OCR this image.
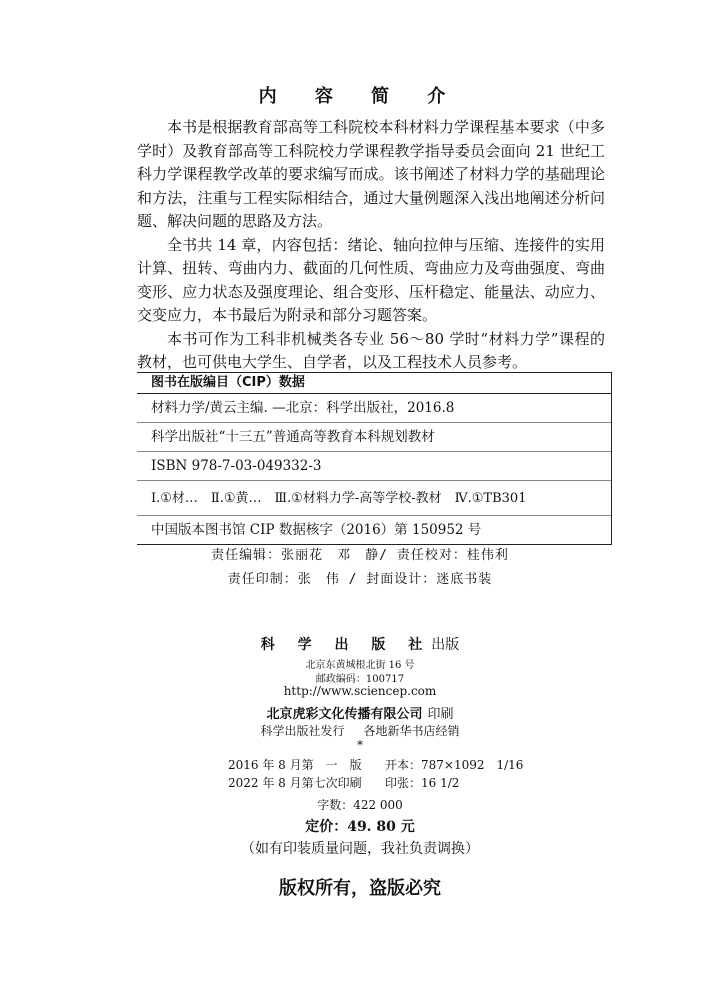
内 容 简 介

本书是根据教育部高等工科院校本科材料力学课程基本要求（中多学时）及教育部高等工科院校力学课程教学指导委员会面向 21 世纪工科力学课程教学改革的要求编写而成。该书阐述了材料力学的基础理论和方法，注重与工程实际相结合，通过大量例题深入浅出地阐述分析问题、解决问题的思路及方法。

全书共 14 章，内容包括：绪论、轴向拉伸与压缩、连接件的实用计算、扭转、弯曲内力、截面的几何性质、弯曲应力及弯曲强度、弯曲变形、应力状态及强度理论、组合变形、压杆稳定、能量法、动应力、交变应力，本书最后为附录和部分习题答案。

本书可作为工科非机械类各专业 56～80 学时“材料力学”课程的教材，也可供电大学生、自学者，以及工程技术人员参考。

图书在版编目（CIP）数据
材料力学/黄云主编. —北京：科学出版社，2016.8
科学出版社“十三五”普通高等教育本科规划教材
ISBN 978-7-03-049332-3
Ⅰ.①材…　Ⅱ.①黄…　Ⅲ.①材料力学-高等学校-教材　Ⅳ.①TB301
中国版本图书馆 CIP 数据核字（2016）第 150952 号
责任编辑：张丽花　邓　静/ 责任校对：桂伟利
责任印制：张　伟 / 封面设计：迷底书装
科 学 出 版 社出版
北京东黄城根北街 16 号
邮政编码：100717
http://www.sciencep.com
北京虎彩文化传播有限公司 印刷
科学出版社发行 各地新华书店经销
*
2016 年 8 月第　一　版 开本：787×1092　1/16
2022 年 8 月第七次印刷 印张：16 1/2
字数：422 000
定价：49. 80 元
（如有印装质量问题，我社负责调换）
版权所有，盗版必究
